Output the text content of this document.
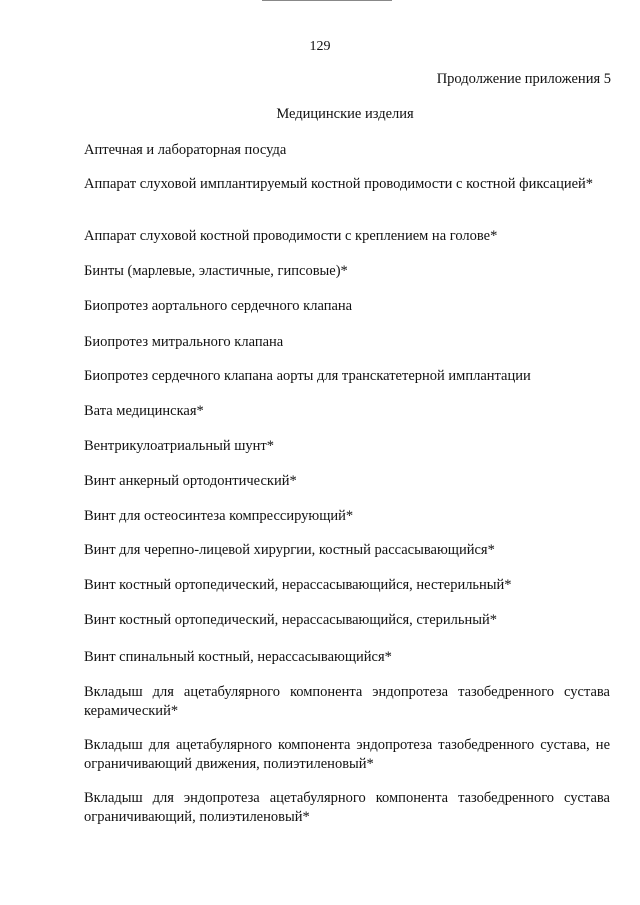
129
Продолжение приложения 5
Медицинские изделия
Аптечная и лабораторная посуда
Аппарат слуховой имплантируемый костной проводимости с костной фиксацией*
Аппарат слуховой костной проводимости с креплением на голове*
Бинты (марлевые, эластичные, гипсовые)*
Биопротез аортального сердечного клапана
Биопротез митрального клапана
Биопротез сердечного клапана аорты для транскатетерной имплантации
Вата медицинская*
Вентрикулоатриальный шунт*
Винт анкерный ортодонтический*
Винт для остеосинтеза компрессирующий*
Винт для черепно-лицевой хирургии, костный рассасывающийся*
Винт костный ортопедический, нерассасывающийся, нестерильный*
Винт костный ортопедический, нерассасывающийся, стерильный*
Винт спинальный костный, нерассасывающийся*
Вкладыш для ацетабулярного компонента эндопротеза тазобедренного сустава керамический*
Вкладыш для ацетабулярного компонента эндопротеза тазобедренного сустава, не ограничивающий движения, полиэтиленовый*
Вкладыш для эндопротеза ацетабулярного компонента тазобедренного сустава ограничивающий, полиэтиленовый*
